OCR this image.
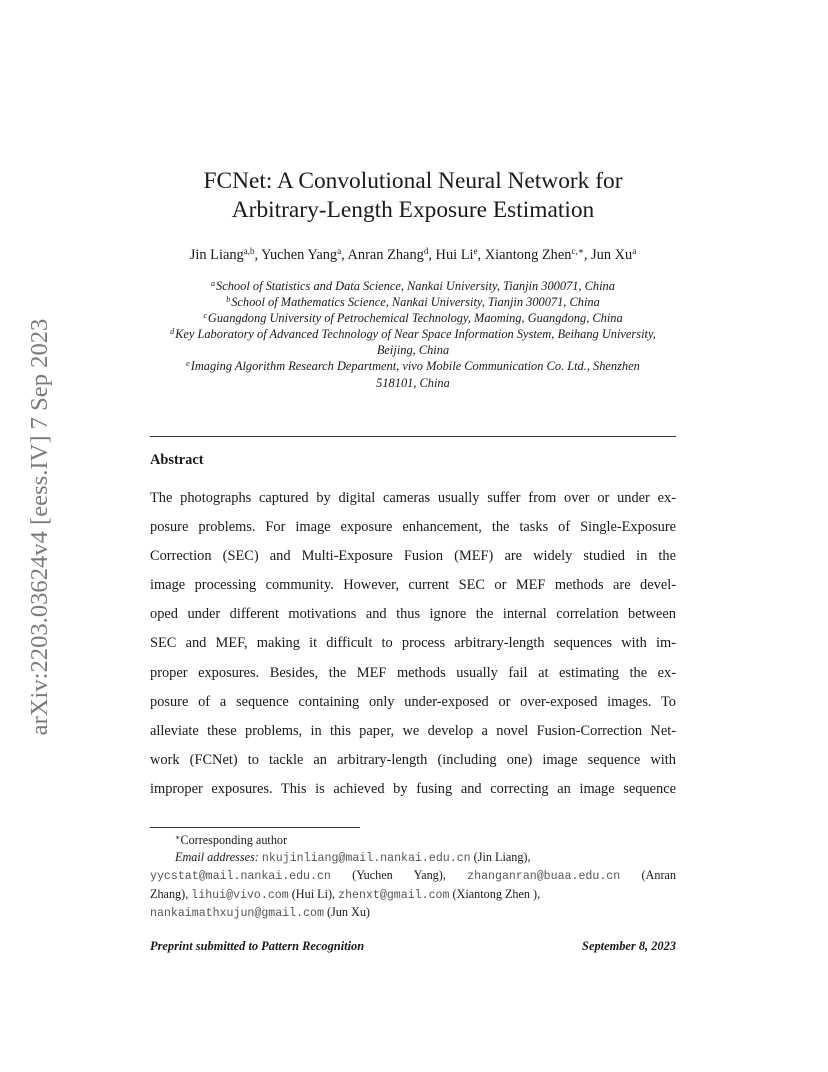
arXiv:2203.03624v4 [eess.IV] 7 Sep 2023
FCNet: A Convolutional Neural Network for
Arbitrary-Length Exposure Estimation
Jin Liang$^{a,b}$, Yuchen Yang$^a$, Anran Zhang$^d$, Hui Li$^e$, Xiantong Zhen$^{c,∗}$, Jun Xu$^a$
$^a$School of Statistics and Data Science, Nankai University, Tianjin 300071, China
$^b$School of Mathematics Science, Nankai University, Tianjin 300071, China
$^c$Guangdong University of Petrochemical Technology, Maoming, Guangdong, China
$^d$Key Laboratory of Advanced Technology of Near Space Information System, Beihang University,
Beijing, China
$^e$Imaging Algorithm Research Department, vivo Mobile Communication Co. Ltd., Shenzhen
518101, China
Abstract
The photographs captured by digital cameras usually suffer from over or under ex-
posure problems. For image exposure enhancement, the tasks of Single-Exposure
Correction (SEC) and Multi-Exposure Fusion (MEF) are widely studied in the
image processing community. However, current SEC or MEF methods are devel-
oped under different motivations and thus ignore the internal correlation between
SEC and MEF, making it difficult to process arbitrary-length sequences with im-
proper exposures. Besides, the MEF methods usually fail at estimating the ex-
posure of a sequence containing only under-exposed or over-exposed images. To
alleviate these problems, in this paper, we develop a novel Fusion-Correction Net-
work (FCNet) to tackle an arbitrary-length (including one) image sequence with
improper exposures. This is achieved by fusing and correcting an image sequence
∗Corresponding author
Email addresses: nkujinliang@mail.nankai.edu.cn (Jin Liang),
yycstat@mail.nankai.edu.cn (Yuchen Yang), zhanganran@buaa.edu.cn (Anran
Zhang), lihui@vivo.com (Hui Li), zhenxt@gmail.com (Xiantong Zhen ),
nankaimathxujun@gmail.com (Jun Xu)
Preprint submitted to Pattern Recognition	September 8, 2023
